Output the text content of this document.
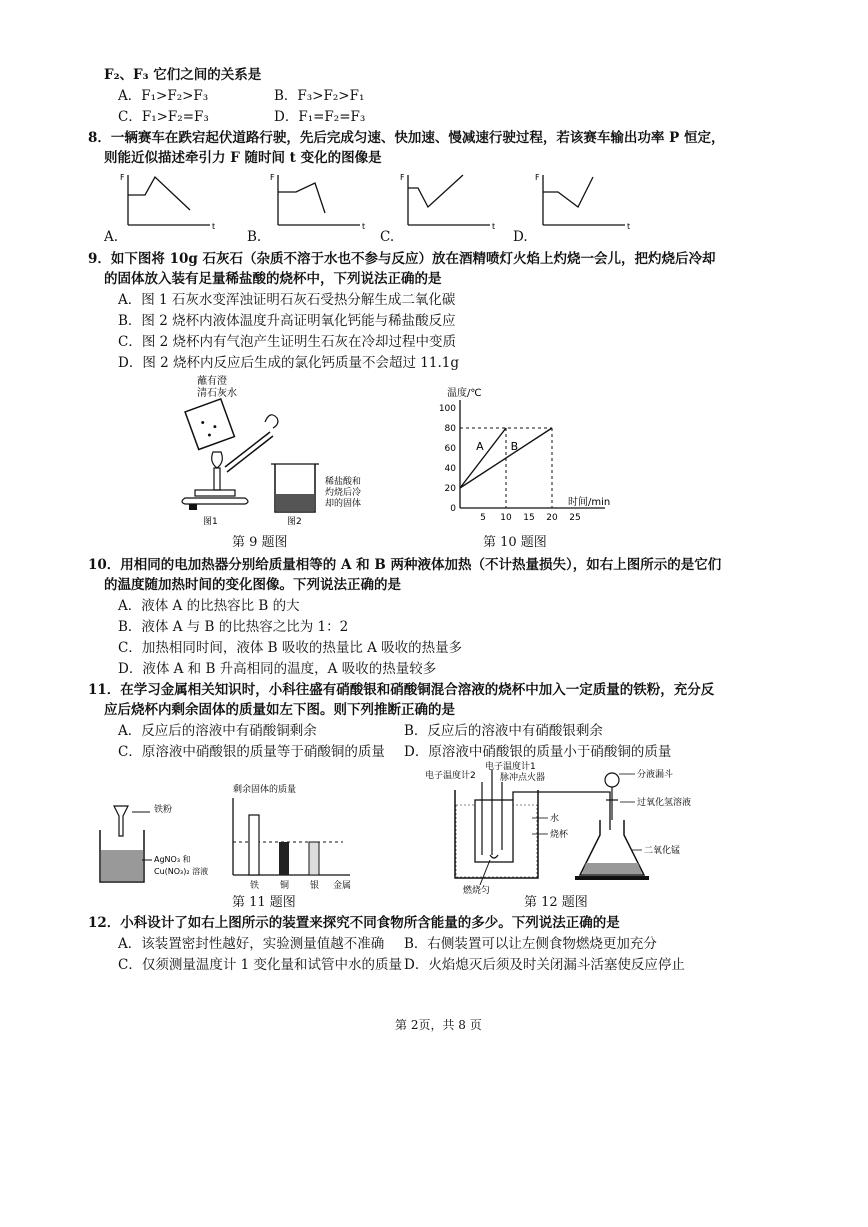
F₂、F₃ 它们之间的关系是
A．F₁>F₂>F₃	B．F₃>F₂>F₁
C．F₁>F₂=F₃	D．F₁=F₂=F₃
8．一辆赛车在跌宕起伏道路行驶，先后完成匀速、快加速、慢减速行驶过程，若该赛车输出功率 P 恒定，
则能近似描述牵引力 F 随时间 t 变化的图像是
F
t
F
t
F
t
F
t
A.	B.	C.	D.
9．如下图将 10g 石灰石（杂质不溶于水也不参与反应）放在酒精喷灯火焰上灼烧一会儿，把灼烧后冷却
的固体放入装有足量稀盐酸的烧杯中，下列说法正确的是
A．图 1 石灰水变浑浊证明石灰石受热分解生成二氧化碳
B．图 2 烧杯内液体温度升高证明氧化钙能与稀盐酸反应
C．图 2 烧杯内有气泡产生证明生石灰在冷却过程中变质
D．图 2 烧杯内反应后生成的氯化钙质量不会超过 11.1g
蘸有澄
清石灰水
图1	图2
稀盐酸和
灼烧后冷
却的固体
第 9 题图
温度/℃
时间/min
100
80
60
40
20
0
5 10 15 20 25
A B
第 10 题图
10．用相同的电加热器分别给质量相等的 A 和 B 两种液体加热（不计热量损失），如右上图所示的是它们
的温度随加热时间的变化图像。下列说法正确的是
A．液体 A 的比热容比 B 的大
B．液体 A 与 B 的比热容之比为 1：2
C．加热相同时间，液体 B 吸收的热量比 A 吸收的热量多
D．液体 A 和 B 升高相同的温度，A 吸收的热量较多
11．在学习金属相关知识时，小科往盛有硝酸银和硝酸铜混合溶液的烧杯中加入一定质量的铁粉，充分反
应后烧杯内剩余固体的质量如左下图。则下列推断正确的是
A．反应后的溶液中有硝酸铜剩余	B．反应后的溶液中有硝酸银剩余
C．原溶液中硝酸银的质量等于硝酸铜的质量 D．原溶液中硝酸银的质量小于硝酸铜的质量
铁粉
AgNO₃ 和
Cu(NO₃)₂ 溶液
剩余固体的质量
铁 铜 银 金属
第 11 题图
电子温度计1
电子温度计2	脉冲点火器
燃烧匀
水
烧杯
分液漏斗
过氧化氢溶液
二氧化锰
第 12 题图
12．小科设计了如右上图所示的装置来探究不同食物所含能量的多少。下列说法正确的是
A．该装置密封性越好，实验测量值越不准确 B．右侧装置可以让左侧食物燃烧更加充分
C．仅须测量温度计 1 变化量和试管中水的质量 D．火焰熄灭后须及时关闭漏斗活塞使反应停止
第 2页，共 8 页
